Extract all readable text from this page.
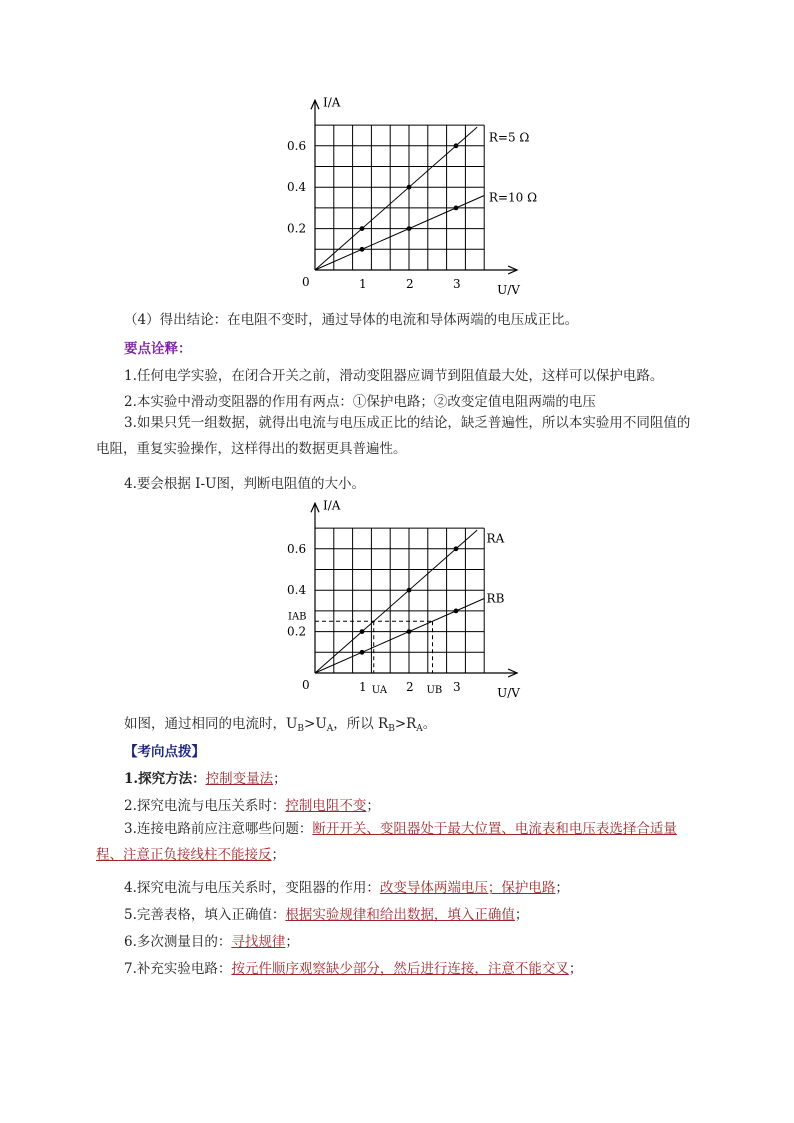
I/A
U/V
0	1	2	3
0.2
0.4
0.6
R=5 Ω
R=10 Ω
（4）得出结论：在电阻不变时，通过导体的电流和导体两端的电压成正比。
要点诠释：
1.任何电学实验，在闭合开关之前，滑动变阻器应调节到阻值最大处，这样可以保护电路。
2.本实验中滑动变阻器的作用有两点：①保护电路；②改变定值电阻两端的电压
3.如果只凭一组数据，就得出电流与电压成正比的结论，缺乏普遍性，所以本实验用不同阻值的电阻，重复实验操作，这样得出的数据更具普遍性。
4.要会根据 I-U图，判断电阻值的大小。
I/A
U/V
0	1	2	3
0.2
0.4
0.6
RA
RB
IAB
UA	UB
如图，通过相同的电流时，$U_B>U_A$，所以 $R_B>R_A$。
【考向点拨】
1.探究方法：控制变量法；
2.探究电流与电压关系时：控制电阻不变；
3.连接电路前应注意哪些问题：断开开关、变阻器处于最大位置、电流表和电压表选择合适量程、注意正负接线柱不能接反；
4.探究电流与电压关系时，变阻器的作用：改变导体两端电压；保护电路；
5.完善表格，填入正确值：根据实验规律和给出数据，填入正确值；
6.多次测量目的：寻找规律；
7.补充实验电路：按元件顺序观察缺少部分，然后进行连接，注意不能交叉；
